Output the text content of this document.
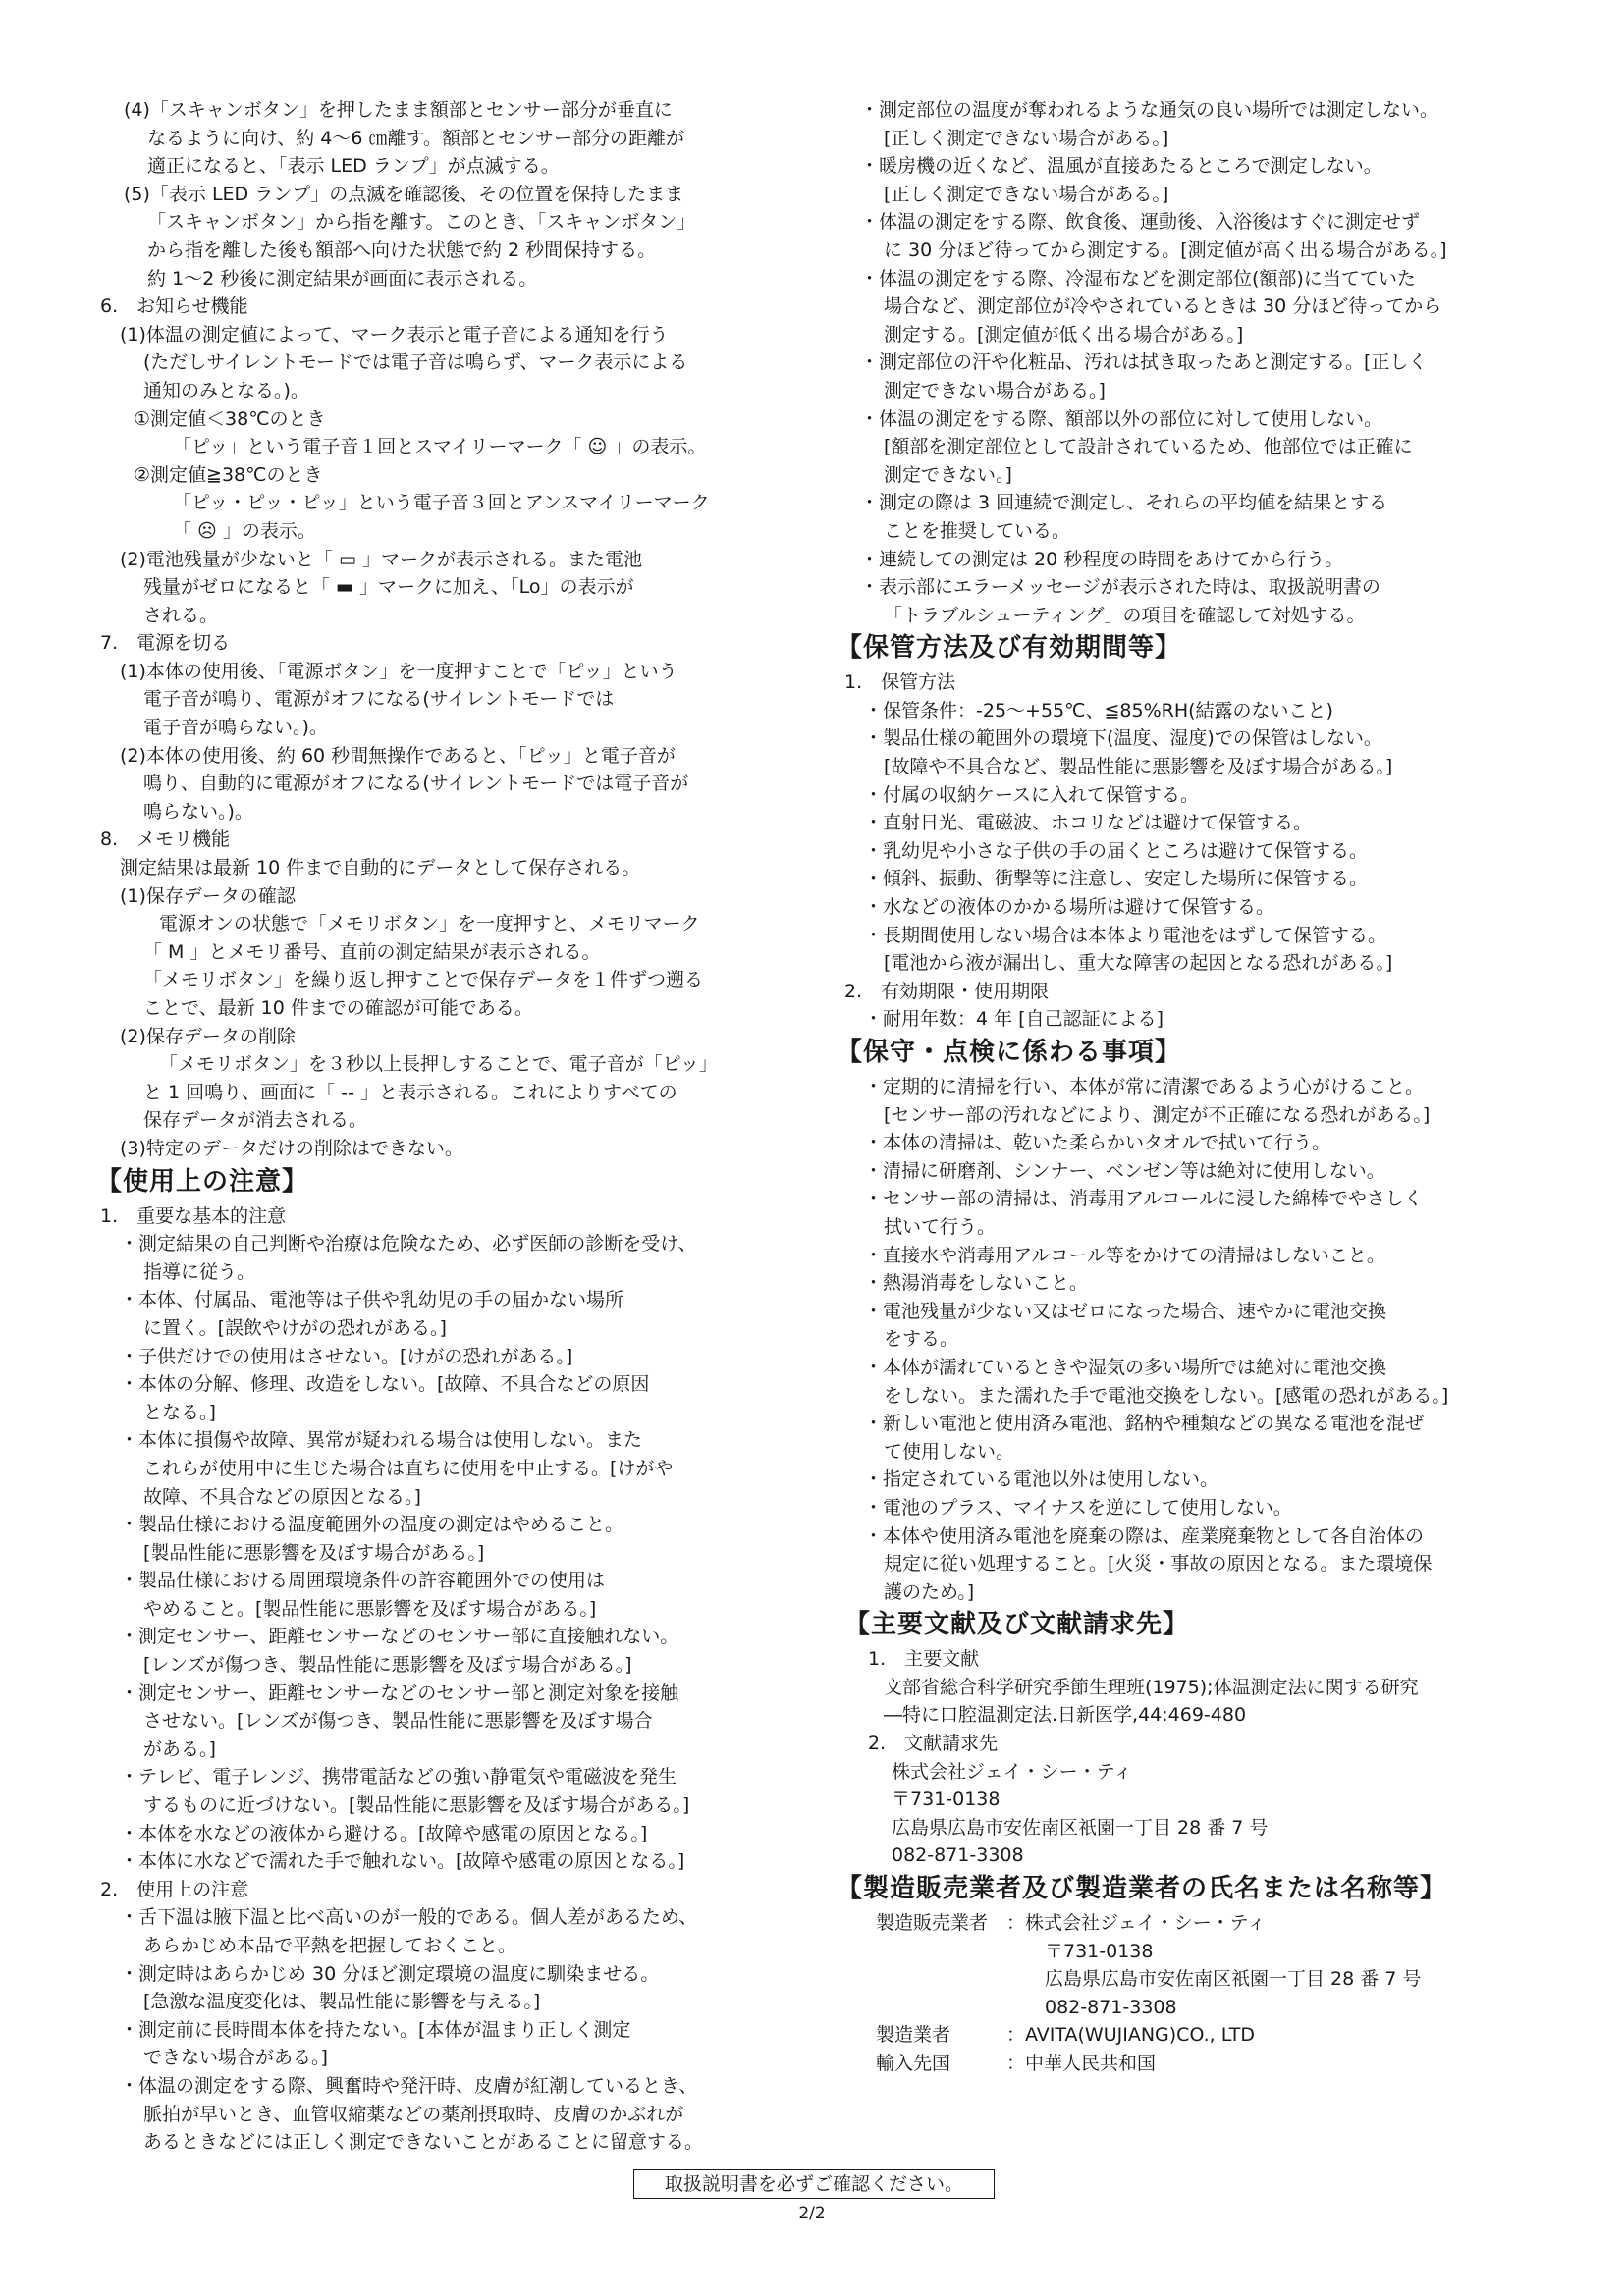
(4)「スキャンボタン」を押したまま額部とセンサー部分が垂直に
なるように向け、約 4～6 ㎝離す。額部とセンサー部分の距離が
適正になると、「表示 LED ランプ」が点滅する。
(5)「表示 LED ランプ」の点滅を確認後、その位置を保持したまま
「スキャンボタン」から指を離す。このとき、「スキャンボタン」
から指を離した後も額部へ向けた状態で約 2 秒間保持する。
約 1～2 秒後に測定結果が画面に表示される。
6.　お知らせ機能
(1)体温の測定値によって、マーク表示と電子音による通知を行う
(ただしサイレントモードでは電子音は鳴らず、マーク表示による
通知のみとなる。)。
①測定値＜38℃のとき
「ピッ」という電子音１回とスマイリーマーク「 ☺ 」の表示。
②測定値≧38℃のとき
「ピッ・ピッ・ピッ」という電子音３回とアンスマイリーマーク
「 ☹ 」の表示。
(2)電池残量が少ないと「 ▭ 」マークが表示される。また電池
残量がゼロになると「 ▬ 」マークに加え、「Lo」の表示が
される。
7.　電源を切る
(1)本体の使用後、「電源ボタン」を一度押すことで「ピッ」という
電子音が鳴り、電源がオフになる(サイレントモードでは
電子音が鳴らない。)。
(2)本体の使用後、約 60 秒間無操作であると、「ピッ」と電子音が
鳴り、自動的に電源がオフになる(サイレントモードでは電子音が
鳴らない。)。
8.　メモリ機能
測定結果は最新 10 件まで自動的にデータとして保存される。
(1)保存データの確認
電源オンの状態で「メモリボタン」を一度押すと、メモリマーク
「 M 」とメモリ番号、直前の測定結果が表示される。
「メモリボタン」を繰り返し押すことで保存データを１件ずつ遡る
ことで、最新 10 件までの確認が可能である。
(2)保存データの削除
「メモリボタン」を３秒以上長押しすることで、電子音が「ピッ」
と 1 回鳴り、画面に「 ‐‐ 」と表示される。これによりすべての
保存データが消去される。
(3)特定のデータだけの削除はできない。
【使用上の注意】
1.　重要な基本的注意
・測定結果の自己判断や治療は危険なため、必ず医師の診断を受け、
指導に従う。
・本体、付属品、電池等は子供や乳幼児の手の届かない場所
に置く。[誤飲やけがの恐れがある。]
・子供だけでの使用はさせない。[けがの恐れがある。]
・本体の分解、修理、改造をしない。[故障、不具合などの原因
となる。]
・本体に損傷や故障、異常が疑われる場合は使用しない。また
これらが使用中に生じた場合は直ちに使用を中止する。[けがや
故障、不具合などの原因となる。]
・製品仕様における温度範囲外の温度の測定はやめること。
[製品性能に悪影響を及ぼす場合がある。]
・製品仕様における周囲環境条件の許容範囲外での使用は
やめること。[製品性能に悪影響を及ぼす場合がある。]
・測定センサー、距離センサーなどのセンサー部に直接触れない。
[レンズが傷つき、製品性能に悪影響を及ぼす場合がある。]
・測定センサー、距離センサーなどのセンサー部と測定対象を接触
させない。[レンズが傷つき、製品性能に悪影響を及ぼす場合
がある。]
・テレビ、電子レンジ、携帯電話などの強い静電気や電磁波を発生
するものに近づけない。[製品性能に悪影響を及ぼす場合がある。]
・本体を水などの液体から避ける。[故障や感電の原因となる。]
・本体に水などで濡れた手で触れない。[故障や感電の原因となる。]
2.　使用上の注意
・舌下温は腋下温と比べ高いのが一般的である。個人差があるため、
あらかじめ本品で平熱を把握しておくこと。
・測定時はあらかじめ 30 分ほど測定環境の温度に馴染ませる。
[急激な温度変化は、製品性能に影響を与える。]
・測定前に長時間本体を持たない。[本体が温まり正しく測定
できない場合がある。]
・体温の測定をする際、興奮時や発汗時、皮膚が紅潮しているとき、
脈拍が早いとき、血管収縮薬などの薬剤摂取時、皮膚のかぶれが
あるときなどには正しく測定できないことがあることに留意する。
・測定部位の温度が奪われるような通気の良い場所では測定しない。
[正しく測定できない場合がある。]
・暖房機の近くなど、温風が直接あたるところで測定しない。
[正しく測定できない場合がある。]
・体温の測定をする際、飲食後、運動後、入浴後はすぐに測定せず
に 30 分ほど待ってから測定する。[測定値が高く出る場合がある。]
・体温の測定をする際、冷湿布などを測定部位(額部)に当てていた
場合など、測定部位が冷やされているときは 30 分ほど待ってから
測定する。[測定値が低く出る場合がある。]
・測定部位の汗や化粧品、汚れは拭き取ったあと測定する。[正しく
測定できない場合がある。]
・体温の測定をする際、額部以外の部位に対して使用しない。
[額部を測定部位として設計されているため、他部位では正確に
測定できない。]
・測定の際は 3 回連続で測定し、それらの平均値を結果とする
ことを推奨している。
・連続しての測定は 20 秒程度の時間をあけてから行う。
・表示部にエラーメッセージが表示された時は、取扱説明書の
「トラブルシューティング」の項目を確認して対処する。
【保管方法及び有効期間等】
1.　保管方法
・保管条件：-25～+55℃、≦85%RH(結露のないこと)
・製品仕様の範囲外の環境下(温度、湿度)での保管はしない。
[故障や不具合など、製品性能に悪影響を及ぼす場合がある。]
・付属の収納ケースに入れて保管する。
・直射日光、電磁波、ホコリなどは避けて保管する。
・乳幼児や小さな子供の手の届くところは避けて保管する。
・傾斜、振動、衝撃等に注意し、安定した場所に保管する。
・水などの液体のかかる場所は避けて保管する。
・長期間使用しない場合は本体より電池をはずして保管する。
[電池から液が漏出し、重大な障害の起因となる恐れがある。]
2.　有効期限・使用期限
・耐用年数：4 年 [自己認証による]
【保守・点検に係わる事項】
・定期的に清掃を行い、本体が常に清潔であるよう心がけること。
[センサー部の汚れなどにより、測定が不正確になる恐れがある。]
・本体の清掃は、乾いた柔らかいタオルで拭いて行う。
・清掃に研磨剤、シンナー、ベンゼン等は絶対に使用しない。
・センサー部の清掃は、消毒用アルコールに浸した綿棒でやさしく
拭いて行う。
・直接水や消毒用アルコール等をかけての清掃はしないこと。
・熱湯消毒をしないこと。
・電池残量が少ない又はゼロになった場合、速やかに電池交換
をする。
・本体が濡れているときや湿気の多い場所では絶対に電池交換
をしない。また濡れた手で電池交換をしない。[感電の恐れがある。]
・新しい電池と使用済み電池、銘柄や種類などの異なる電池を混ぜ
て使用しない。
・指定されている電池以外は使用しない。
・電池のプラス、マイナスを逆にして使用しない。
・本体や使用済み電池を廃棄の際は、産業廃棄物として各自治体の
規定に従い処理すること。[火災・事故の原因となる。また環境保
護のため。]
【主要文献及び文献請求先】
1.　主要文献
文部省総合科学研究季節生理班(1975);体温測定法に関する研究
―特に口腔温測定法.日新医学,44:469-480
2.　文献請求先
株式会社ジェイ・シー・ティ
〒731-0138
広島県広島市安佐南区祇園一丁目 28 番 7 号
082-871-3308
【製造販売業者及び製造業者の氏名または名称等】
製造販売業者　：株式会社ジェイ・シー・ティ
〒731-0138
広島県広島市安佐南区祇園一丁目 28 番 7 号
082-871-3308
製造業者　　　：AVITA(WUJIANG)CO., LTD
輸入先国　　　：中華人民共和国
取扱説明書を必ずご確認ください。
2/2
